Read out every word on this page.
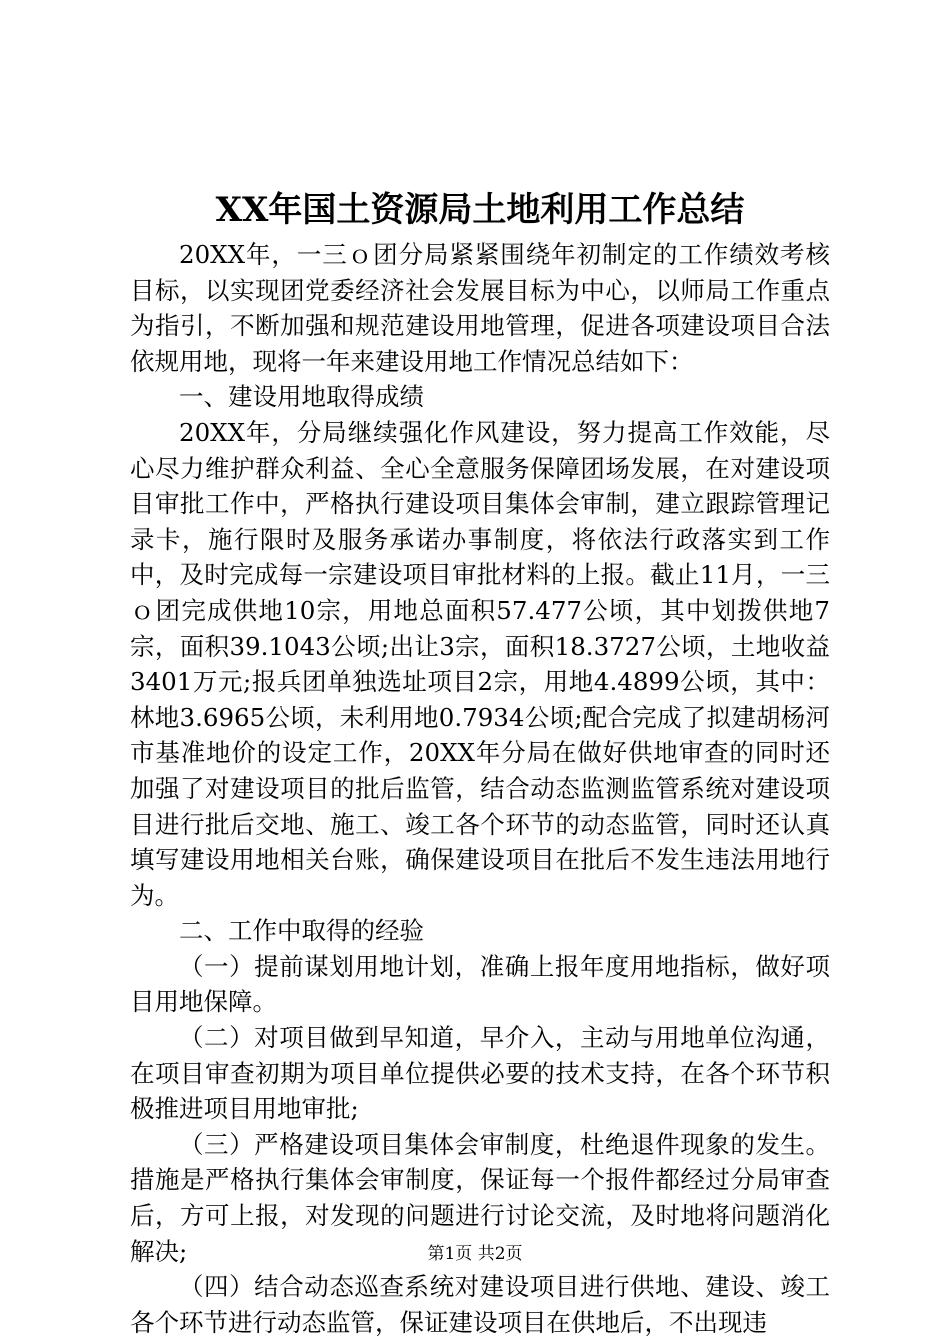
XX年国土资源局土地利用工作总结

20XX年，一三ｏ团分局紧紧围绕年初制定的工作绩效考核目标，以实现团党委经济社会发展目标为中心，以师局工作重点为指引，不断加强和规范建设用地管理，促进各项建设项目合法依规用地，现将一年来建设用地工作情况总结如下：

一、建设用地取得成绩

20XX年，分局继续强化作风建设，努力提高工作效能，尽心尽力维护群众利益、全心全意服务保障团场发展，在对建设项目审批工作中，严格执行建设项目集体会审制，建立跟踪管理记录卡，施行限时及服务承诺办事制度，将依法行政落实到工作中，及时完成每一宗建设项目审批材料的上报。截止11月，一三ｏ团完成供地10宗，用地总面积57.477公顷，其中划拨供地7宗，面积39.1043公顷;出让3宗，面积18.3727公顷，土地收益3401万元;报兵团单独选址项目2宗，用地4.4899公顷，其中：林地3.6965公顷，未利用地0.7934公顷;配合完成了拟建胡杨河市基准地价的设定工作，20XX年分局在做好供地审查的同时还加强了对建设项目的批后监管，结合动态监测监管系统对建设项目进行批后交地、施工、竣工各个环节的动态监管，同时还认真填写建设用地相关台账，确保建设项目在批后不发生违法用地行为。

二、工作中取得的经验

（一）提前谋划用地计划，准确上报年度用地指标，做好项目用地保障。

（二）对项目做到早知道，早介入，主动与用地单位沟通，在项目审查初期为项目单位提供必要的技术支持，在各个环节积极推进项目用地审批;

（三）严格建设项目集体会审制度，杜绝退件现象的发生。措施是严格执行集体会审制度，保证每一个报件都经过分局审查后，方可上报，对发现的问题进行讨论交流，及时地将问题消化解决;

（四）结合动态巡查系统对建设项目进行供地、建设、竣工各个环节进行动态监管，保证建设项目在供地后，不出现违

第1页 共2页
